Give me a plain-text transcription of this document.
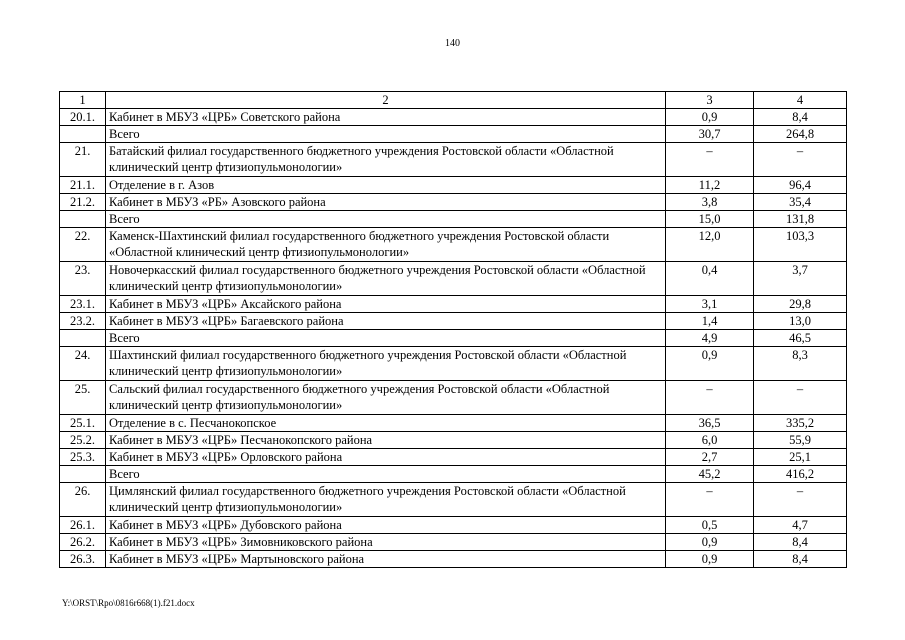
140
1	2	3	4
20.1.	Кабинет в МБУЗ «ЦРБ» Советского района	0,9	8,4
	Всего	30,7	264,8
21.	Батайский филиал государственного бюджетного учреждения Ростовской области «Областной клинический центр фтизиопульмонологии»	–	–
21.1.	Отделение в г. Азов	11,2	96,4
21.2.	Кабинет в МБУЗ «РБ» Азовского района	3,8	35,4
	Всего	15,0	131,8
22.	Каменск-Шахтинский филиал государственного бюджетного учреждения Ростовской области «Областной клинический центр фтизиопульмонологии»	12,0	103,3
23.	Новочеркасский филиал государственного бюджетного учреждения Ростовской области «Областной клинический центр фтизиопульмонологии»	0,4	3,7
23.1.	Кабинет в МБУЗ «ЦРБ» Аксайского района	3,1	29,8
23.2.	Кабинет в МБУЗ «ЦРБ» Багаевского района	1,4	13,0
	Всего	4,9	46,5
24.	Шахтинский филиал государственного бюджетного учреждения Ростовской области «Областной клинический центр фтизиопульмонологии»	0,9	8,3
25.	Сальский филиал государственного бюджетного учреждения Ростовской области «Областной клинический центр фтизиопульмонологии»	–	–
25.1.	Отделение в с. Песчанокопское	36,5	335,2
25.2.	Кабинет в МБУЗ «ЦРБ» Песчанокопского района	6,0	55,9
25.3.	Кабинет в МБУЗ «ЦРБ» Орловского района	2,7	25,1
	Всего	45,2	416,2
26.	Цимлянский филиал государственного бюджетного учреждения Ростовской области «Областной клинический центр фтизиопульмонологии»	–	–
26.1.	Кабинет в МБУЗ «ЦРБ» Дубовского района	0,5	4,7
26.2.	Кабинет в МБУЗ «ЦРБ» Зимовниковского района	0,9	8,4
26.3.	Кабинет в МБУЗ «ЦРБ» Мартыновского района	0,9	8,4
Y:\ORST\Rpo\0816r668(1).f21.docx
